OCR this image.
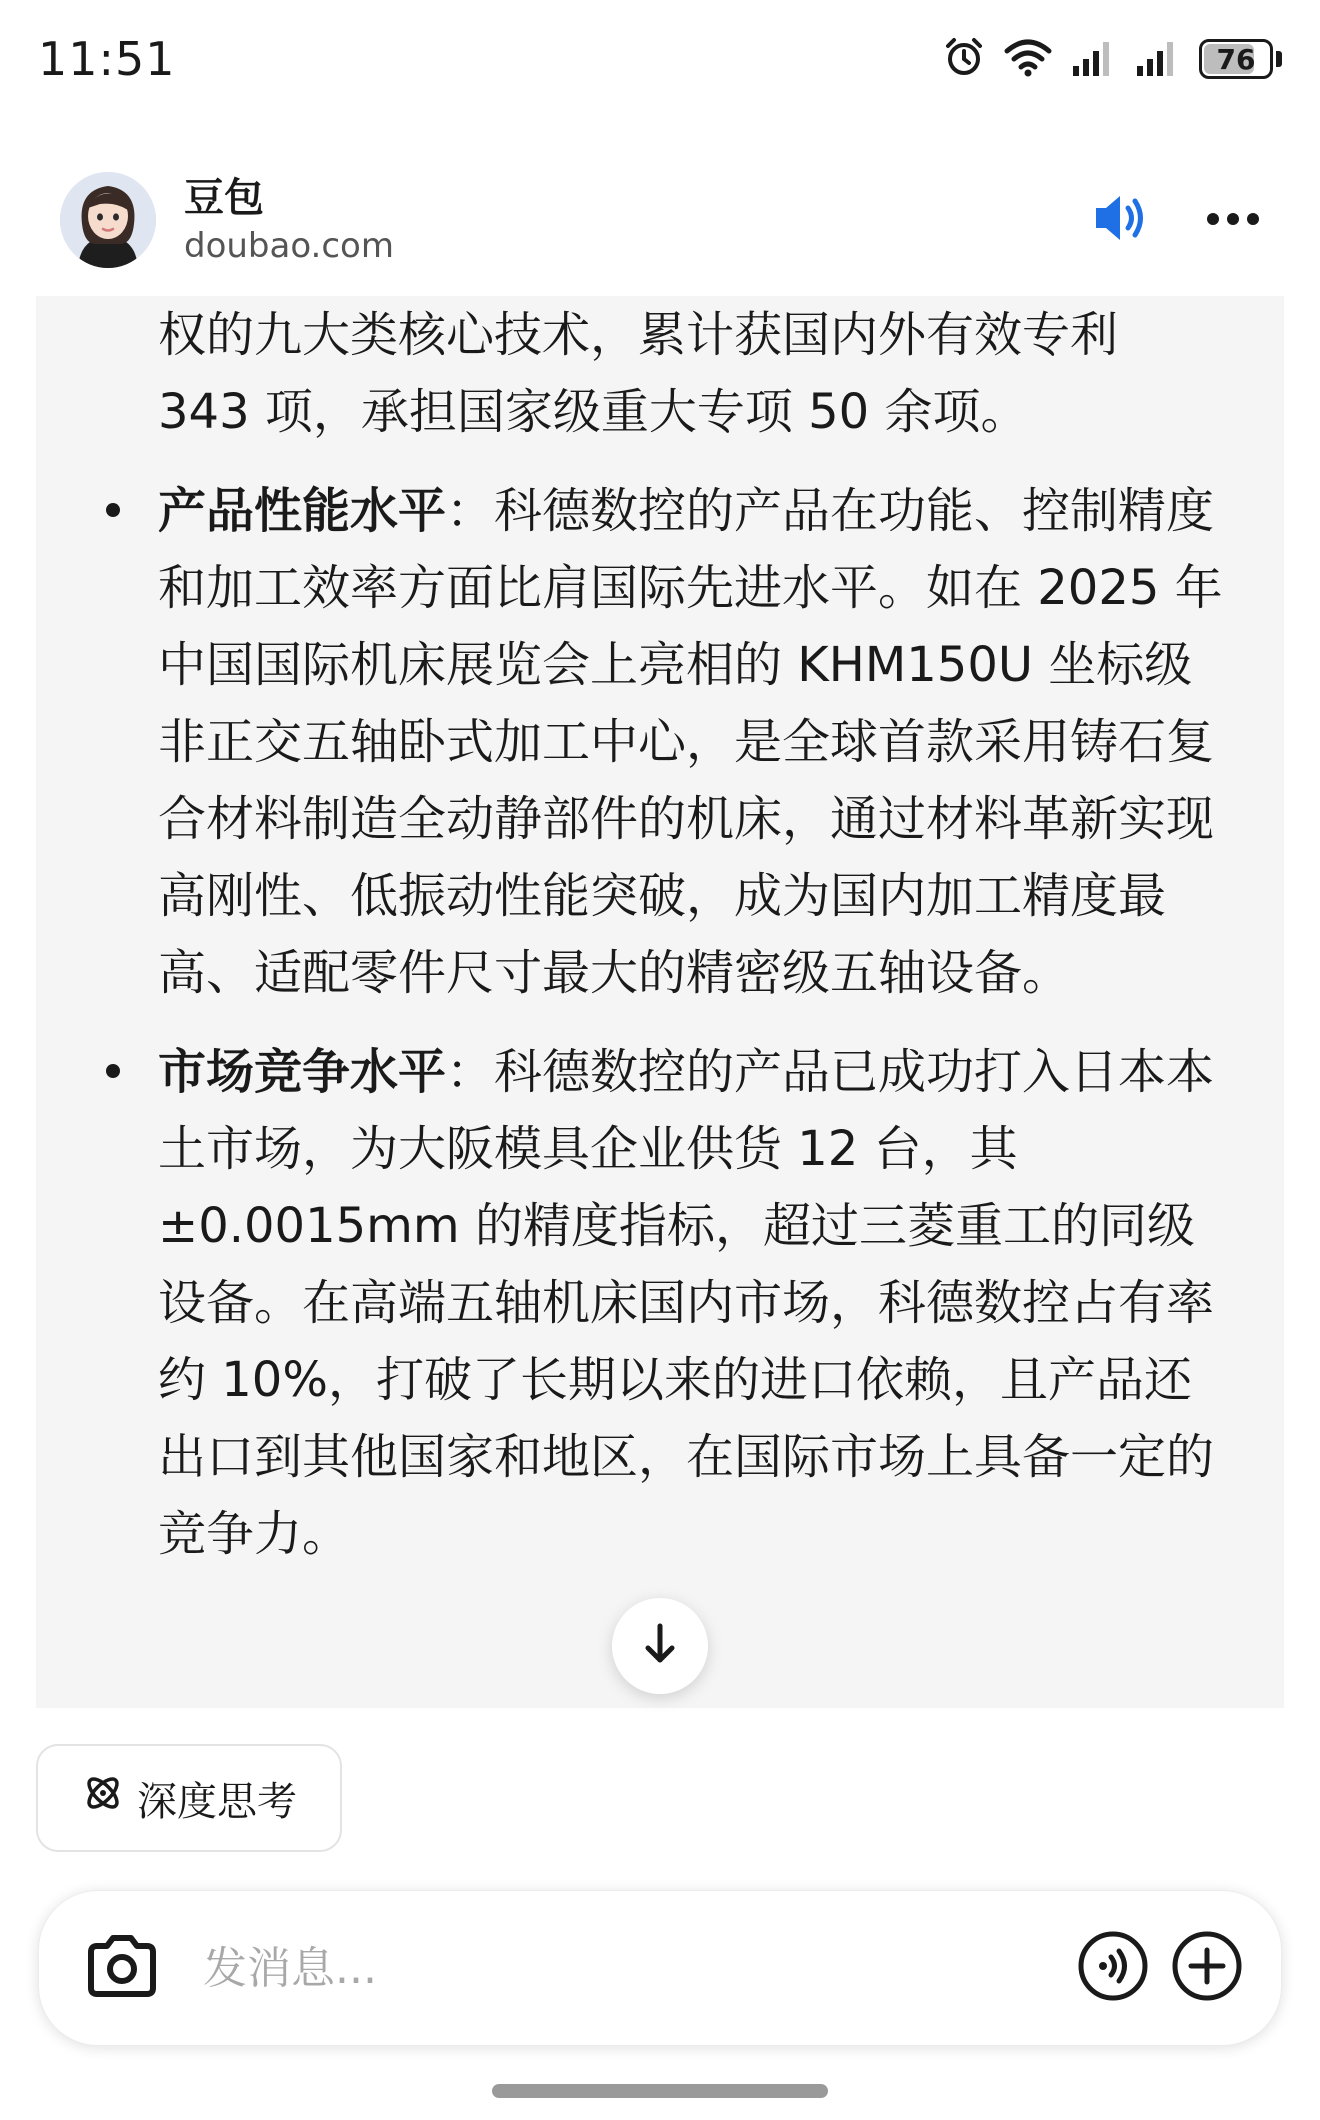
11:51	76
豆包
doubao.com

权的九大类核心技术，累计获国内外有效专利

343 项，承担国家级重大专项 50 余项。

产品性能水平：科德数控的产品在功能、控制精度和加工效率方面比肩国际先进水平。如在 2025 年中国国际机床展览会上亮相的 KHM150U 坐标级非正交五轴卧式加工中心，是全球首款采用铸石复合材料制造全动静部件的机床，通过材料革新实现高刚性、低振动性能突破，成为国内加工精度最高、适配零件尺寸最大的精密级五轴设备。

市场竞争水平：科德数控的产品已成功打入日本本土市场，为大阪模具企业供货 12 台，其 ±0.0015mm 的精度指标，超过三菱重工的同级设备。在高端五轴机床国内市场，科德数控占有率约 10%，打破了长期以来的进口依赖，且产品还出口到其他国家和地区，在国际市场上具备一定的竞争力。

深度思考
发消息...
